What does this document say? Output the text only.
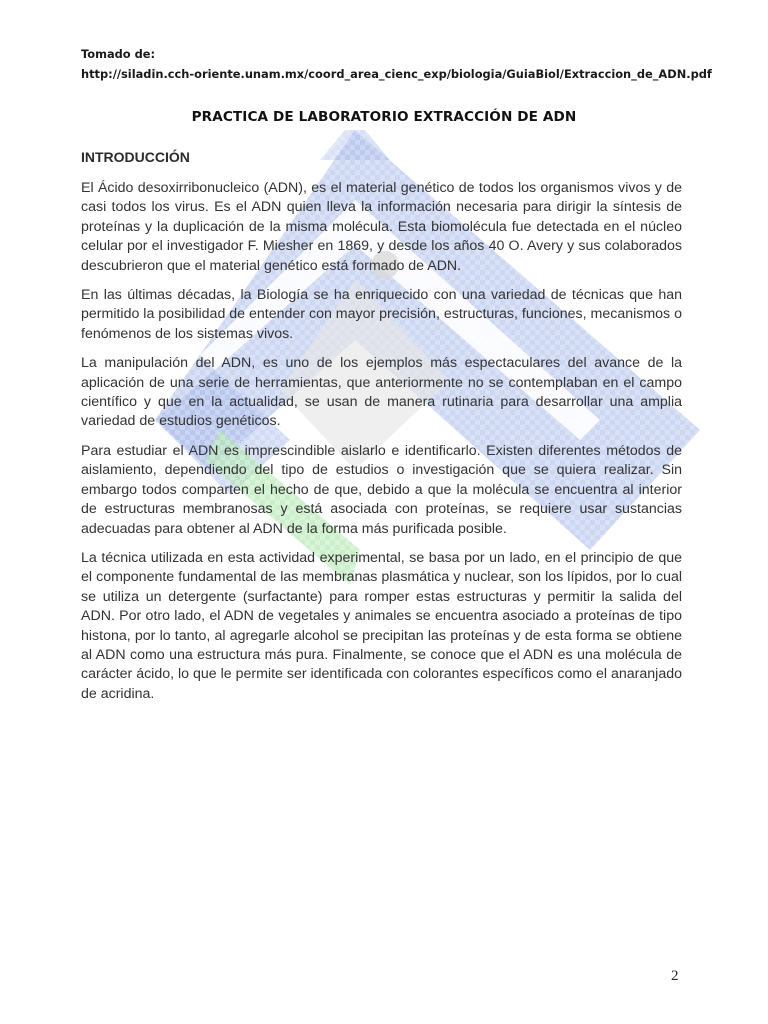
Tomado de:
http://siladin.cch-oriente.unam.mx/coord_area_cienc_exp/biologia/GuiaBiol/Extraccion_de_ADN.pdf
PRACTICA DE LABORATORIO EXTRACCIÓN DE ADN
INTRODUCCIÓN

El Ácido desoxirribonucleico (ADN), es el material genético de todos los organismos vivos y de casi todos los virus. Es el ADN quien lleva la información necesaria para dirigir la síntesis de proteínas y la duplicación de la misma molécula. Esta biomolécula fue detectada en el núcleo celular por el investigador F. Miesher en 1869, y desde los años 40 O. Avery y sus colaborados descubrieron que el material genético está formado de ADN.

En las últimas décadas, la Biología se ha enriquecido con una variedad de técnicas que han permitido la posibilidad de entender con mayor precisión, estructuras, funciones, mecanismos o fenómenos de los sistemas vivos.

La manipulación del ADN, es uno de los ejemplos más espectaculares del avance de la aplicación de una serie de herramientas, que anteriormente no se contemplaban en el campo científico y que en la actualidad, se usan de manera rutinaria para desarrollar una amplia variedad de estudios genéticos.

Para estudiar el ADN es imprescindible aislarlo e identificarlo. Existen diferentes métodos de aislamiento, dependiendo del tipo de estudios o investigación que se quiera realizar. Sin embargo todos comparten el hecho de que, debido a que la molécula se encuentra al interior de estructuras membranosas y está asociada con proteínas, se requiere usar sustancias adecuadas para obtener al ADN de la forma más purificada posible.

La técnica utilizada en esta actividad experimental, se basa por un lado, en el principio de que el componente fundamental de las membranas plasmática y nuclear, son los lípidos, por lo cual se utiliza un detergente (surfactante) para romper estas estructuras y permitir la salida del ADN. Por otro lado, el ADN de vegetales y animales se encuentra asociado a proteínas de tipo histona, por lo tanto, al agregarle alcohol se precipitan las proteínas y de esta forma se obtiene al ADN como una estructura más pura. Finalmente, se conoce que el ADN es una molécula de carácter ácido, lo que le permite ser identificada con colorantes específicos como el anaranjado de acridina.

2
